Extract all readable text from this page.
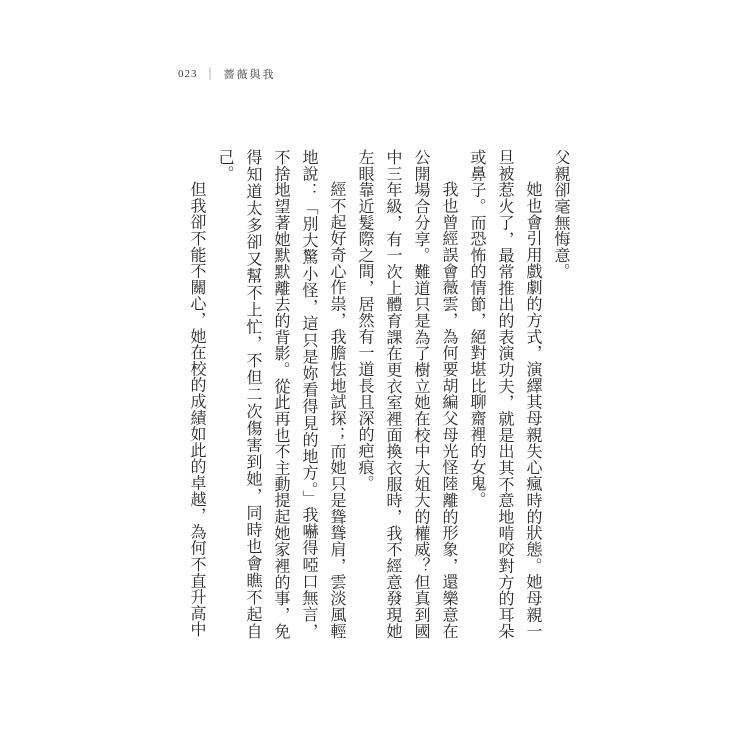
023 ｜ 薔薇與我

父親卻毫無悔意。

她也會引用戲劇的方式，演繹其母親失心瘋時的狀態。她母親一旦被惹火了，最常推出的表演功夫，就是出其不意地啃咬對方的耳朵或鼻子。而恐怖的情節，絕對堪比聊齋裡的女鬼。

我也曾經誤會薇雲，為何要胡編父母光怪陸離的形象，還樂意在公開場合分享。難道只是為了樹立她在校中大姐大的權威？但真到國中三年級，有一次上體育課在更衣室裡面換衣服時，我不經意發現她左眼靠近髮際之間，居然有一道長且深的疤痕。

經不起好奇心作祟，我膽怯地試探；而她只是聳聳肩，雲淡風輕地說：「別大驚小怪，這只是妳看得見的地方。」我嚇得啞口無言，不捨地望著她默默離去的背影。從此再也不主動提起她家裡的事，免得知道太多卻又幫不上忙，不但二次傷害到她，同時也會瞧不起自己。

但我卻不能不關心，她在校的成績如此的卓越，為何不直升高中
